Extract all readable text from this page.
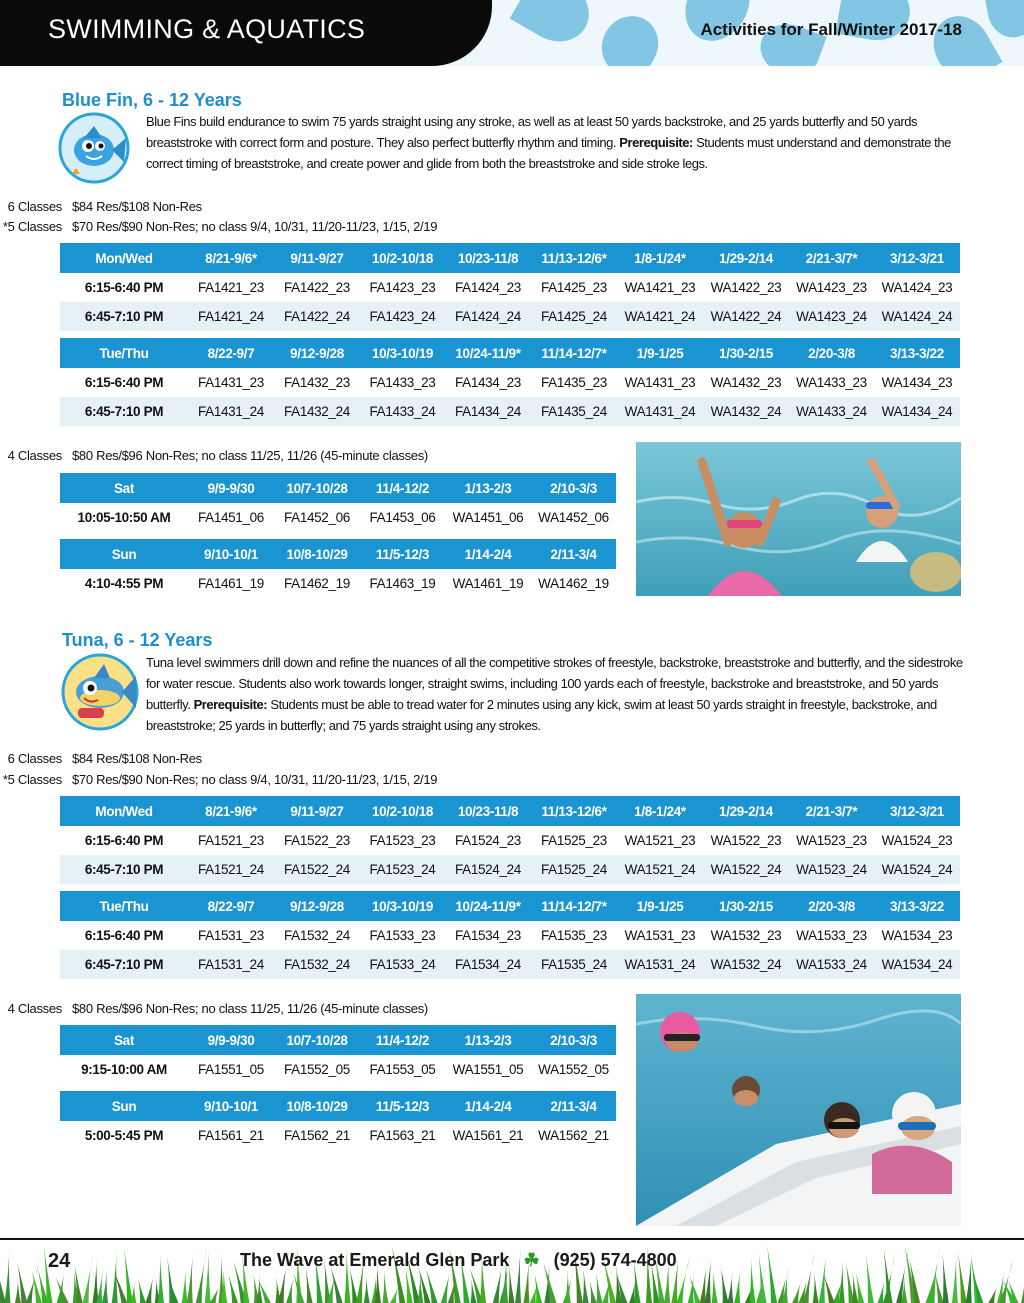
SWIMMING & AQUATICS	Activities for Fall/Winter 2017-18
Blue Fin, 6 - 12 Years
Blue Fins build endurance to swim 75 yards straight using any stroke, as well as at least 50 yards backstroke, and 25 yards butterfly and 50 yards breaststroke with correct form and posture. They also perfect butterfly rhythm and timing. Prerequisite: Students must understand and demonstrate the correct timing of breaststroke, and create power and glide from both the breaststroke and side stroke legs.
6 Classes $84 Res/$108 Non-Res
*5 Classes $70 Res/$90 Non-Res; no class 9/4, 10/31, 11/20-11/23, 1/15, 2/19
Mon/Wed	8/21-9/6*	9/11-9/27	10/2-10/18	10/23-11/8	11/13-12/6*	1/8-1/24*	1/29-2/14	2/21-3/7*	3/12-3/21
6:15-6:40 PM	FA1421_23	FA1422_23	FA1423_23	FA1424_23	FA1425_23	WA1421_23	WA1422_23	WA1423_23	WA1424_23
6:45-7:10 PM	FA1421_24	FA1422_24	FA1423_24	FA1424_24	FA1425_24	WA1421_24	WA1422_24	WA1423_24	WA1424_24

Tue/Thu	8/22-9/7	9/12-9/28	10/3-10/19	10/24-11/9*	11/14-12/7*	1/9-1/25	1/30-2/15	2/20-3/8	3/13-3/22
6:15-6:40 PM	FA1431_23	FA1432_23	FA1433_23	FA1434_23	FA1435_23	WA1431_23	WA1432_23	WA1433_23	WA1434_23
6:45-7:10 PM	FA1431_24	FA1432_24	FA1433_24	FA1434_24	FA1435_24	WA1431_24	WA1432_24	WA1433_24	WA1434_24
4 Classes $80 Res/$96 Non-Res; no class 11/25, 11/26 (45-minute classes)
Sat	9/9-9/30	10/7-10/28	11/4-12/2	1/13-2/3	2/10-3/3
10:05-10:50 AM	FA1451_06	FA1452_06	FA1453_06	WA1451_06	WA1452_06

Sun	9/10-10/1	10/8-10/29	11/5-12/3	1/14-2/4	2/11-3/4
4:10-4:55 PM	FA1461_19	FA1462_19	FA1463_19	WA1461_19	WA1462_19
Tuna, 6 - 12 Years
Tuna level swimmers drill down and refine the nuances of all the competitive strokes of freestyle, backstroke, breaststroke and butterfly, and the sidestroke for water rescue. Students also work towards longer, straight swims, including 100 yards each of freestyle, backstroke and breaststroke, and 50 yards butterfly. Prerequisite: Students must be able to tread water for 2 minutes using any kick, swim at least 50 yards straight in freestyle, backstroke, and breaststroke; 25 yards in butterfly; and 75 yards straight using any strokes.
6 Classes $84 Res/$108 Non-Res
*5 Classes $70 Res/$90 Non-Res; no class 9/4, 10/31, 11/20-11/23, 1/15, 2/19
Mon/Wed	8/21-9/6*	9/11-9/27	10/2-10/18	10/23-11/8	11/13-12/6*	1/8-1/24*	1/29-2/14	2/21-3/7*	3/12-3/21
6:15-6:40 PM	FA1521_23	FA1522_23	FA1523_23	FA1524_23	FA1525_23	WA1521_23	WA1522_23	WA1523_23	WA1524_23
6:45-7:10 PM	FA1521_24	FA1522_24	FA1523_24	FA1524_24	FA1525_24	WA1521_24	WA1522_24	WA1523_24	WA1524_24

Tue/Thu	8/22-9/7	9/12-9/28	10/3-10/19	10/24-11/9*	11/14-12/7*	1/9-1/25	1/30-2/15	2/20-3/8	3/13-3/22
6:15-6:40 PM	FA1531_23	FA1532_24	FA1533_23	FA1534_23	FA1535_23	WA1531_23	WA1532_23	WA1533_23	WA1534_23
6:45-7:10 PM	FA1531_24	FA1532_24	FA1533_24	FA1534_24	FA1535_24	WA1531_24	WA1532_24	WA1533_24	WA1534_24
4 Classes $80 Res/$96 Non-Res; no class 11/25, 11/26 (45-minute classes)
Sat	9/9-9/30	10/7-10/28	11/4-12/2	1/13-2/3	2/10-3/3
9:15-10:00 AM	FA1551_05	FA1552_05	FA1553_05	WA1551_05	WA1552_05

Sun	9/10-10/1	10/8-10/29	11/5-12/3	1/14-2/4	2/11-3/4
5:00-5:45 PM	FA1561_21	FA1562_21	FA1563_21	WA1561_21	WA1562_21
24	The Wave at Emerald Glen Park ☘ (925) 574-4800
